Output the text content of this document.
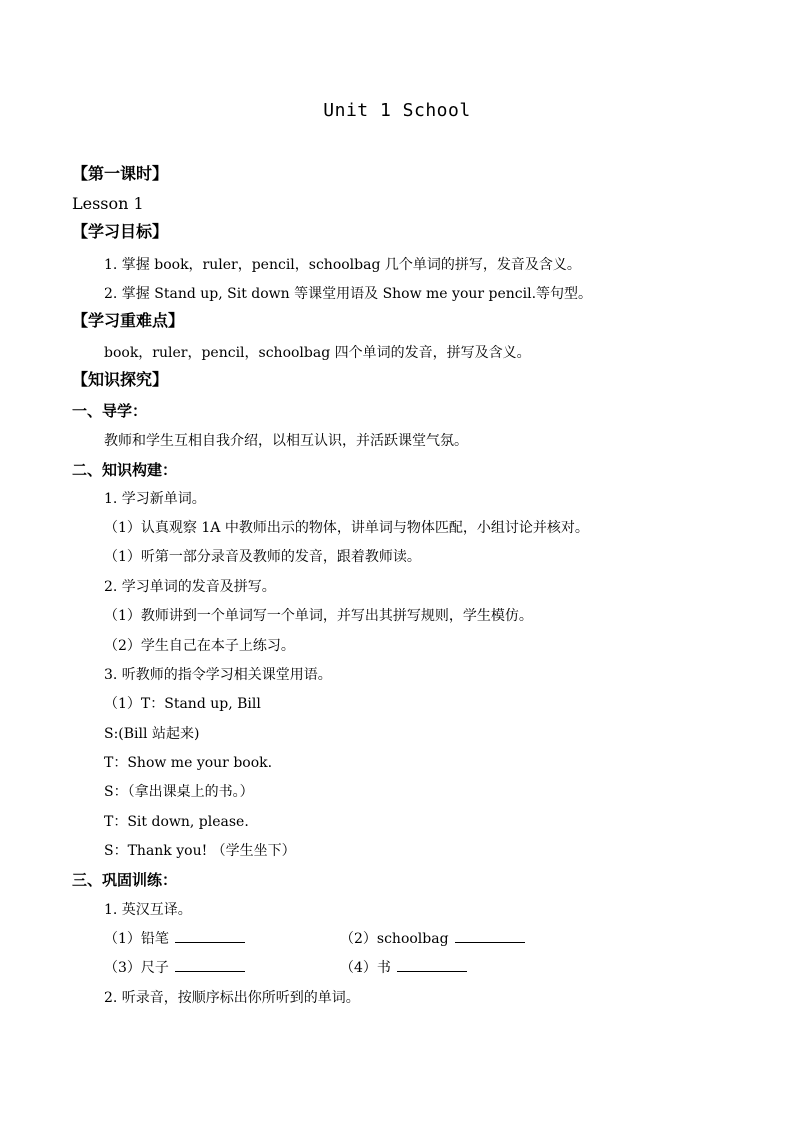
Unit 1 School
【第一课时】
Lesson 1
【学习目标】
1. 掌握 book，ruler，pencil，schoolbag 几个单词的拼写，发音及含义。
2. 掌握 Stand up, Sit down 等课堂用语及 Show me your pencil.等句型。
【学习重难点】
book，ruler，pencil，schoolbag 四个单词的发音，拼写及含义。
【知识探究】
一、导学：
教师和学生互相自我介绍，以相互认识，并活跃课堂气氛。
二、知识构建：
1. 学习新单词。
（1）认真观察 1A 中教师出示的物体，讲单词与物体匹配，小组讨论并核对。
（1）听第一部分录音及教师的发音，跟着教师读。
2. 学习单词的发音及拼写。
（1）教师讲到一个单词写一个单词，并写出其拼写规则，学生模仿。
（2）学生自己在本子上练习。
3. 听教师的指令学习相关课堂用语。
（1）T：Stand up, Bill
S:(Bill 站起来)
T：Show me your book.
S：（拿出课桌上的书。）
T：Sit down, please.
S：Thank you! （学生坐下）
三、巩固训练：
1. 英汉互译。
（1）铅笔	（2）schoolbag
（3）尺子	（4）书
2. 听录音，按顺序标出你所听到的单词。
